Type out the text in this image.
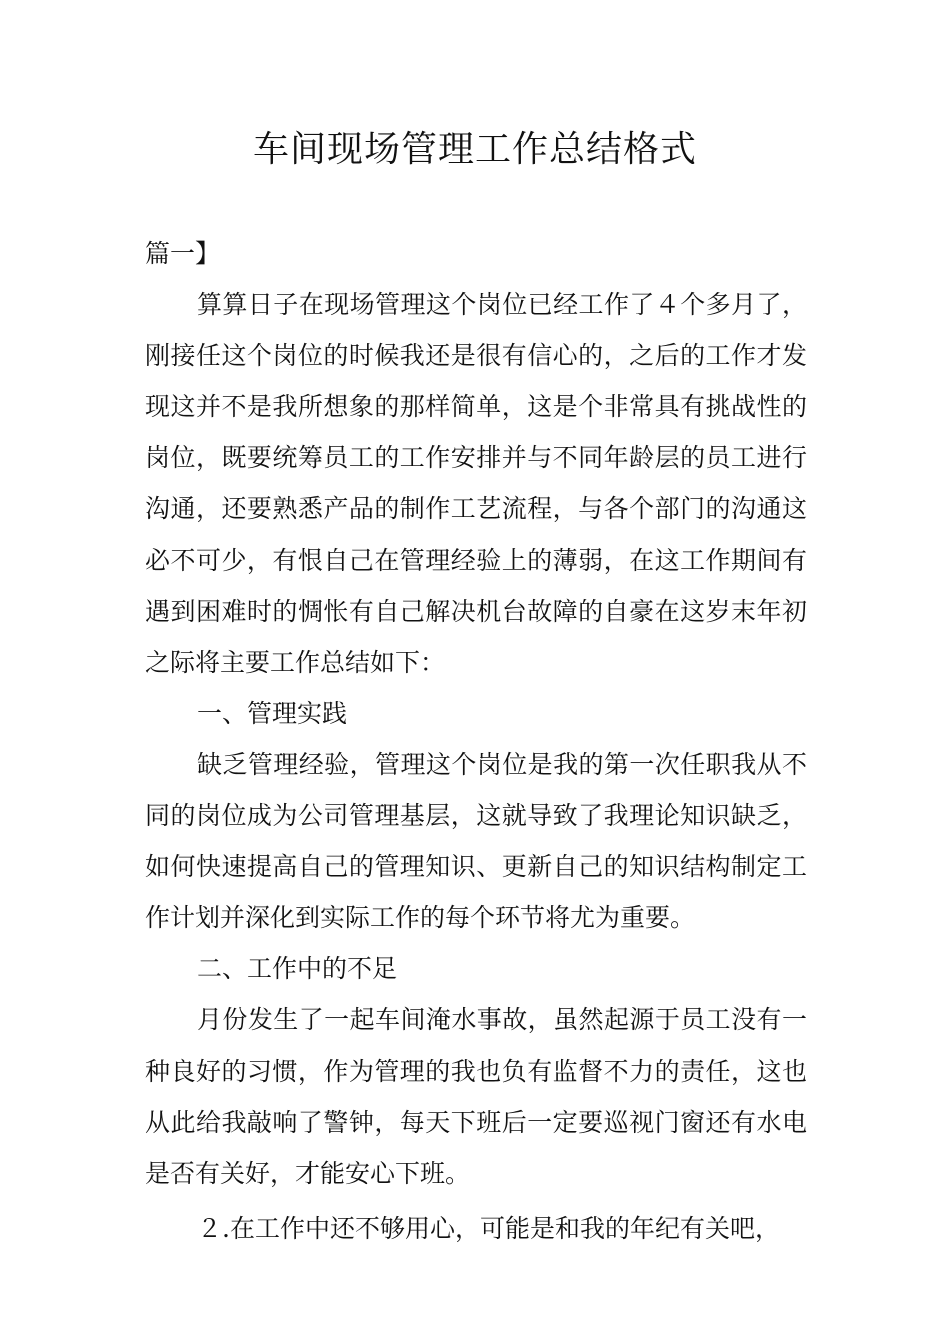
车间现场管理工作总结格式

篇一】

算算日子在现场管理这个岗位已经工作了４个多月了，刚接任这个岗位的时候我还是很有信心的，之后的工作才发现这并不是我所想象的那样简单，这是个非常具有挑战性的岗位，既要统筹员工的工作安排并与不同年龄层的员工进行沟通，还要熟悉产品的制作工艺流程，与各个部门的沟通这必不可少，有恨自己在管理经验上的薄弱，在这工作期间有遇到困难时的惆怅有自己解决机台故障的自豪在这岁末年初之际将主要工作总结如下：

一、管理实践

缺乏管理经验，管理这个岗位是我的第一次任职我从不同的岗位成为公司管理基层，这就导致了我理论知识缺乏，如何快速提高自己的管理知识、更新自己的知识结构制定工作计划并深化到实际工作的每个环节将尤为重要。

二、工作中的不足

月份发生了一起车间淹水事故，虽然起源于员工没有一种良好的习惯，作为管理的我也负有监督不力的责任，这也从此给我敲响了警钟，每天下班后一定要巡视门窗还有水电是否有关好，才能安心下班。

２.在工作中还不够用心，可能是和我的年纪有关吧，
